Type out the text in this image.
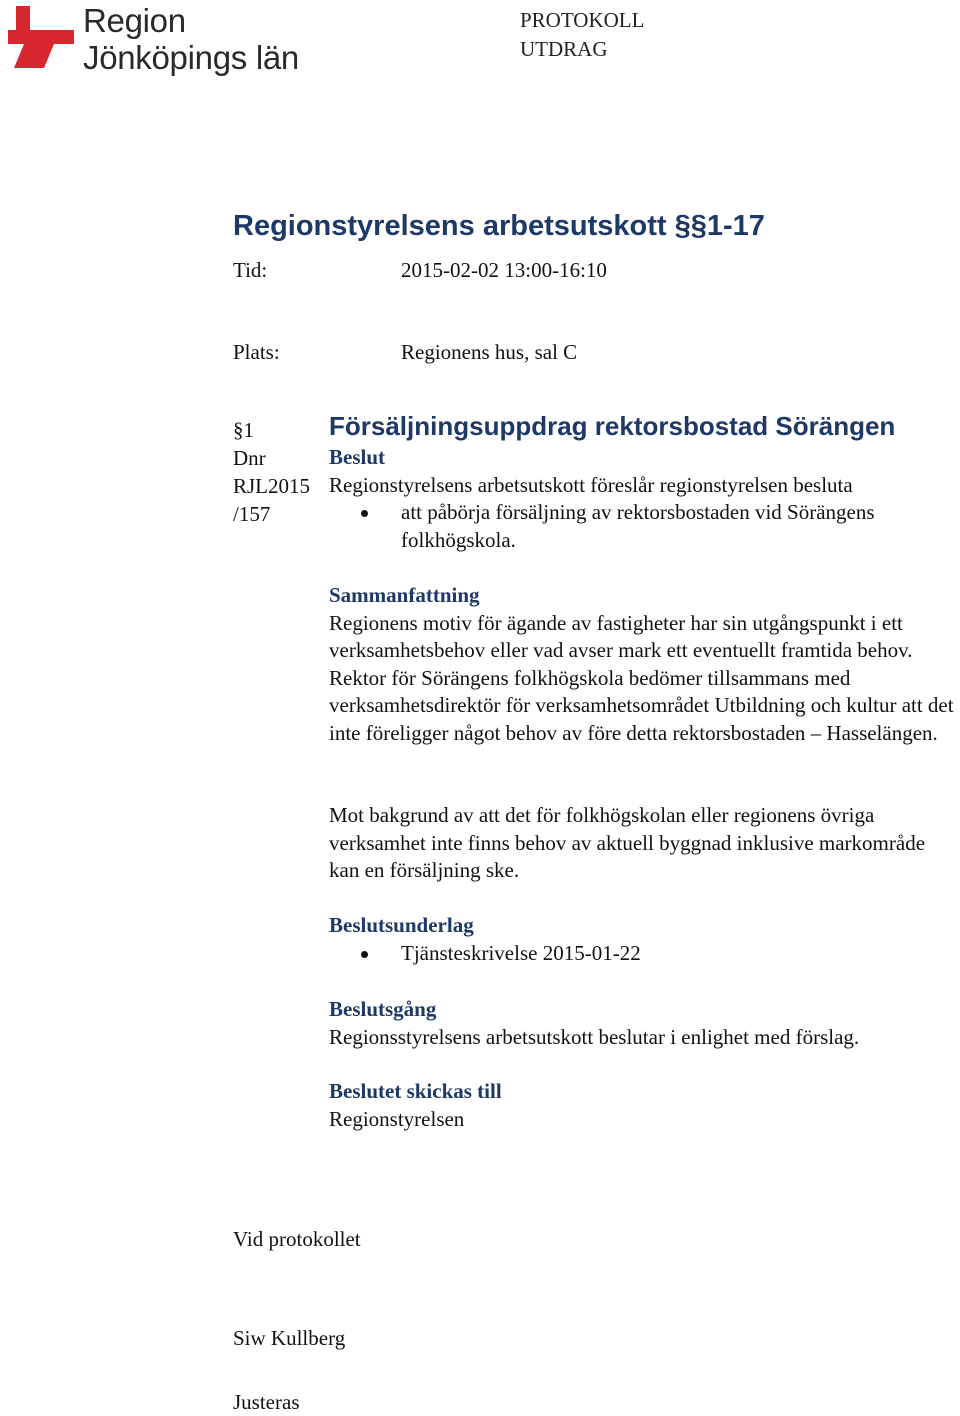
Region
Jönköpings län
PROTOKOLL
UTDRAG
Regionstyrelsens arbetsutskott §§1-17
Tid:	2015-02-02 13:00-16:10
Plats:	Regionens hus, sal C
§1
Dnr
RJL2015
/157
Försäljningsuppdrag rektorsbostad Sörängen
Beslut

Regionstyrelsens arbetsutskott föreslår regionstyrelsen besluta

att påbörja försäljning av rektorsbostaden vid Sörängens folkhögskola.
Sammanfattning

Regionens motiv för ägande av fastigheter har sin utgångspunkt i ett verksamhetsbehov eller vad avser mark ett eventuellt framtida behov. Rektor för Sörängens folkhögskola bedömer tillsammans med verksamhetsdirektör för verksamhetsområdet Utbildning och kultur att det inte föreligger något behov av före detta rektorsbostaden – Hasselängen.

Mot bakgrund av att det för folkhögskolan eller regionens övriga verksamhet inte finns behov av aktuell byggnad inklusive markområde kan en försäljning ske.

Beslutsunderlag
Tjänsteskrivelse 2015-01-22
Beslutsgång

Regionsstyrelsens arbetsutskott beslutar i enlighet med förslag.

Beslutet skickas till

Regionstyrelsen

Vid protokollet
Siw Kullberg
Justeras
